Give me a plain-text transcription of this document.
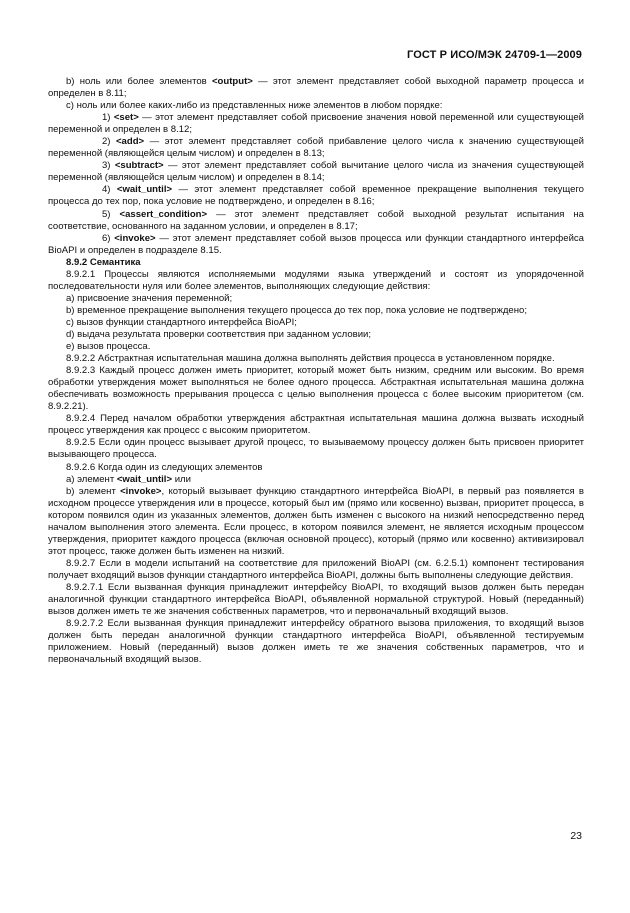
ГОСТ Р ИСО/МЭК 24709-1—2009

b) ноль или более элементов <output> — этот элемент представляет собой выходной параметр процесса и определен в 8.11;

c) ноль или более каких-либо из представленных ниже элементов в любом порядке:

1) <set> — этот элемент представляет собой присвоение значения новой переменной или существующей переменной и определен в 8.12;

2) <add> — этот элемент представляет собой прибавление целого числа к значению существующей переменной (являющейся целым числом) и определен в 8.13;

3) <subtract> — этот элемент представляет собой вычитание целого числа из значения существующей переменной (являющейся целым числом) и определен в 8.14;

4) <wait_until> — этот элемент представляет собой временное прекращение выполнения текущего процесса до тех пор, пока условие не подтверждено, и определен в 8.16;

5) <assert_condition> — этот элемент представляет собой выходной результат испытания на соответствие, основанного на заданном условии, и определен в 8.17;

6) <invoke> — этот элемент представляет собой вызов процесса или функции стандартного интерфейса BioAPI и определен в подразделе 8.15.

8.9.2 Семантика

8.9.2.1 Процессы являются исполняемыми модулями языка утверждений и состоят из упорядоченной последовательности нуля или более элементов, выполняющих следующие действия:

а) присвоение значения переменной;

b) временное прекращение выполнения текущего процесса до тех пор, пока условие не подтверждено;

c) вызов функции стандартного интерфейса BioAPI;

d) выдача результата проверки соответствия при заданном условии;

e) вызов процесса.

8.9.2.2 Абстрактная испытательная машина должна выполнять действия процесса в установленном порядке.

8.9.2.3 Каждый процесс должен иметь приоритет, который может быть низким, средним или высоким. Во время обработки утверждения может выполняться не более одного процесса. Абстрактная испытательная машина должна обеспечивать возможность прерывания процесса с целью выполнения процесса с более высоким приоритетом (см. 8.9.2.21).

8.9.2.4 Перед началом обработки утверждения абстрактная испытательная машина должна вызвать исходный процесс утверждения как процесс с высоким приоритетом.

8.9.2.5 Если один процесс вызывает другой процесс, то вызываемому процессу должен быть присвоен приоритет вызывающего процесса.

8.9.2.6 Когда один из следующих элементов

а) элемент <wait_until> или

b) элемент <invoke>, который вызывает функцию стандартного интерфейса BioAPI, в первый раз появляется в исходном процессе утверждения или в процессе, который был им (прямо или косвенно) вызван, приоритет процесса, в котором появился один из указанных элементов, должен быть изменен с высокого на низкий непосредственно перед началом выполнения этого элемента. Если процесс, в котором появился элемент, не является исходным процессом утверждения, приоритет каждого процесса (включая основной процесс), который (прямо или косвенно) активизировал этот процесс, также должен быть изменен на низкий.

8.9.2.7 Если в модели испытаний на соответствие для приложений BioAPI (см. 6.2.5.1) компонент тестирования получает входящий вызов функции стандартного интерфейса BioAPI, должны быть выполнены следующие действия.

8.9.2.7.1 Если вызванная функция принадлежит интерфейсу BioAPI, то входящий вызов должен быть передан аналогичной функции стандартного интерфейса BioAPI, объявленной нормальной структурой. Новый (переданный) вызов должен иметь те же значения собственных параметров, что и первоначальный входящий вызов.

8.9.2.7.2 Если вызванная функция принадлежит интерфейсу обратного вызова приложения, то входящий вызов должен быть передан аналогичной функции стандартного интерфейса BioAPI, объявленной тестируемым приложением. Новый (переданный) вызов должен иметь те же значения собственных параметров, что и первоначальный входящий вызов.

23
